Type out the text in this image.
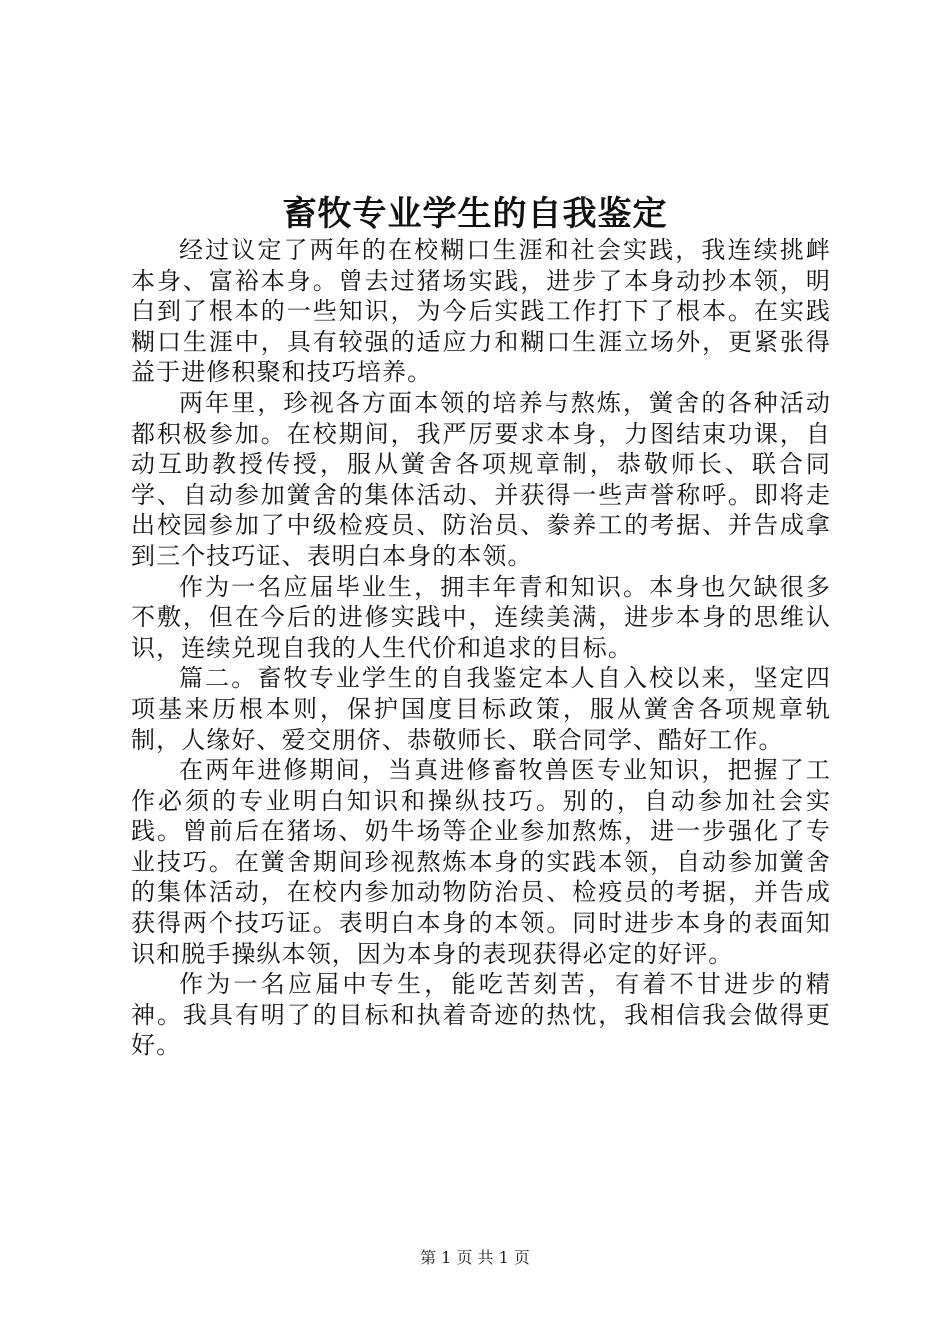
畜牧专业学生的自我鉴定

经过议定了两年的在校糊口生涯和社会实践，我连续挑衅本身、富裕本身。曾去过猪场实践，进步了本身动抄本领，明白到了根本的一些知识，为今后实践工作打下了根本。在实践糊口生涯中，具有较强的适应力和糊口生涯立场外，更紧张得益于进修积聚和技巧培养。

两年里，珍视各方面本领的培养与熬炼，黉舍的各种活动都积极参加。在校期间，我严厉要求本身，力图结束功课，自动互助教授传授，服从黉舍各项规章制，恭敬师长、联合同学、自动参加黉舍的集体活动、并获得一些声誉称呼。即将走出校园参加了中级检疫员、防治员、豢养工的考据、并告成拿到三个技巧证、表明白本身的本领。

作为一名应届毕业生，拥丰年青和知识。本身也欠缺很多不敷，但在今后的进修实践中，连续美满，进步本身的思维认识，连续兑现自我的人生代价和追求的目标。

篇二。畜牧专业学生的自我鉴定本人自入校以来，坚定四项基来历根本则，保护国度目标政策，服从黉舍各项规章轨制，人缘好、爱交朋侪、恭敬师长、联合同学、酷好工作。

在两年进修期间，当真进修畜牧兽医专业知识，把握了工作必须的专业明白知识和操纵技巧。别的，自动参加社会实践。曾前后在猪场、奶牛场等企业参加熬炼，进一步强化了专业技巧。在黉舍期间珍视熬炼本身的实践本领，自动参加黉舍的集体活动，在校内参加动物防治员、检疫员的考据，并告成获得两个技巧证。表明白本身的本领。同时进步本身的表面知识和脱手操纵本领，因为本身的表现获得必定的好评。

作为一名应届中专生，能吃苦刻苦，有着不甘进步的精神。我具有明了的目标和执着奇迹的热忱，我相信我会做得更好。

第 1 页 共 1 页
